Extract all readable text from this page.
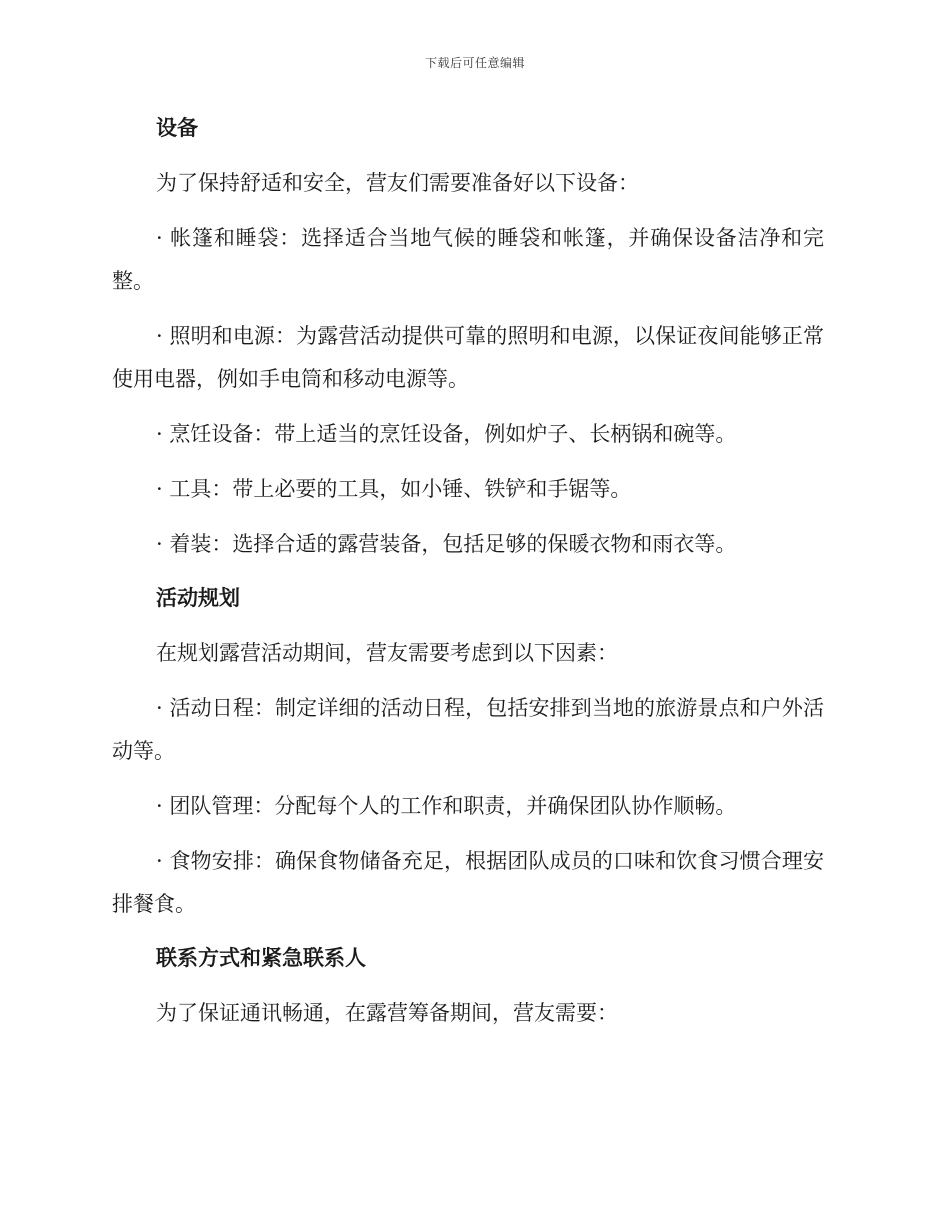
下载后可任意编辑
设备

为了保持舒适和安全，营友们需要准备好以下设备：

· 帐篷和睡袋：选择适合当地气候的睡袋和帐篷，并确保设备洁净和完整。

· 照明和电源：为露营活动提供可靠的照明和电源，以保证夜间能够正常使用电器，例如手电筒和移动电源等。

· 烹饪设备：带上适当的烹饪设备，例如炉子、长柄锅和碗等。

· 工具：带上必要的工具，如小锤、铁铲和手锯等。

· 着装：选择合适的露营装备，包括足够的保暖衣物和雨衣等。

活动规划

在规划露营活动期间，营友需要考虑到以下因素：

· 活动日程：制定详细的活动日程，包括安排到当地的旅游景点和户外活动等。

· 团队管理：分配每个人的工作和职责，并确保团队协作顺畅。

· 食物安排：确保食物储备充足，根据团队成员的口味和饮食习惯合理安排餐食。

联系方式和紧急联系人

为了保证通讯畅通，在露营筹备期间，营友需要：
